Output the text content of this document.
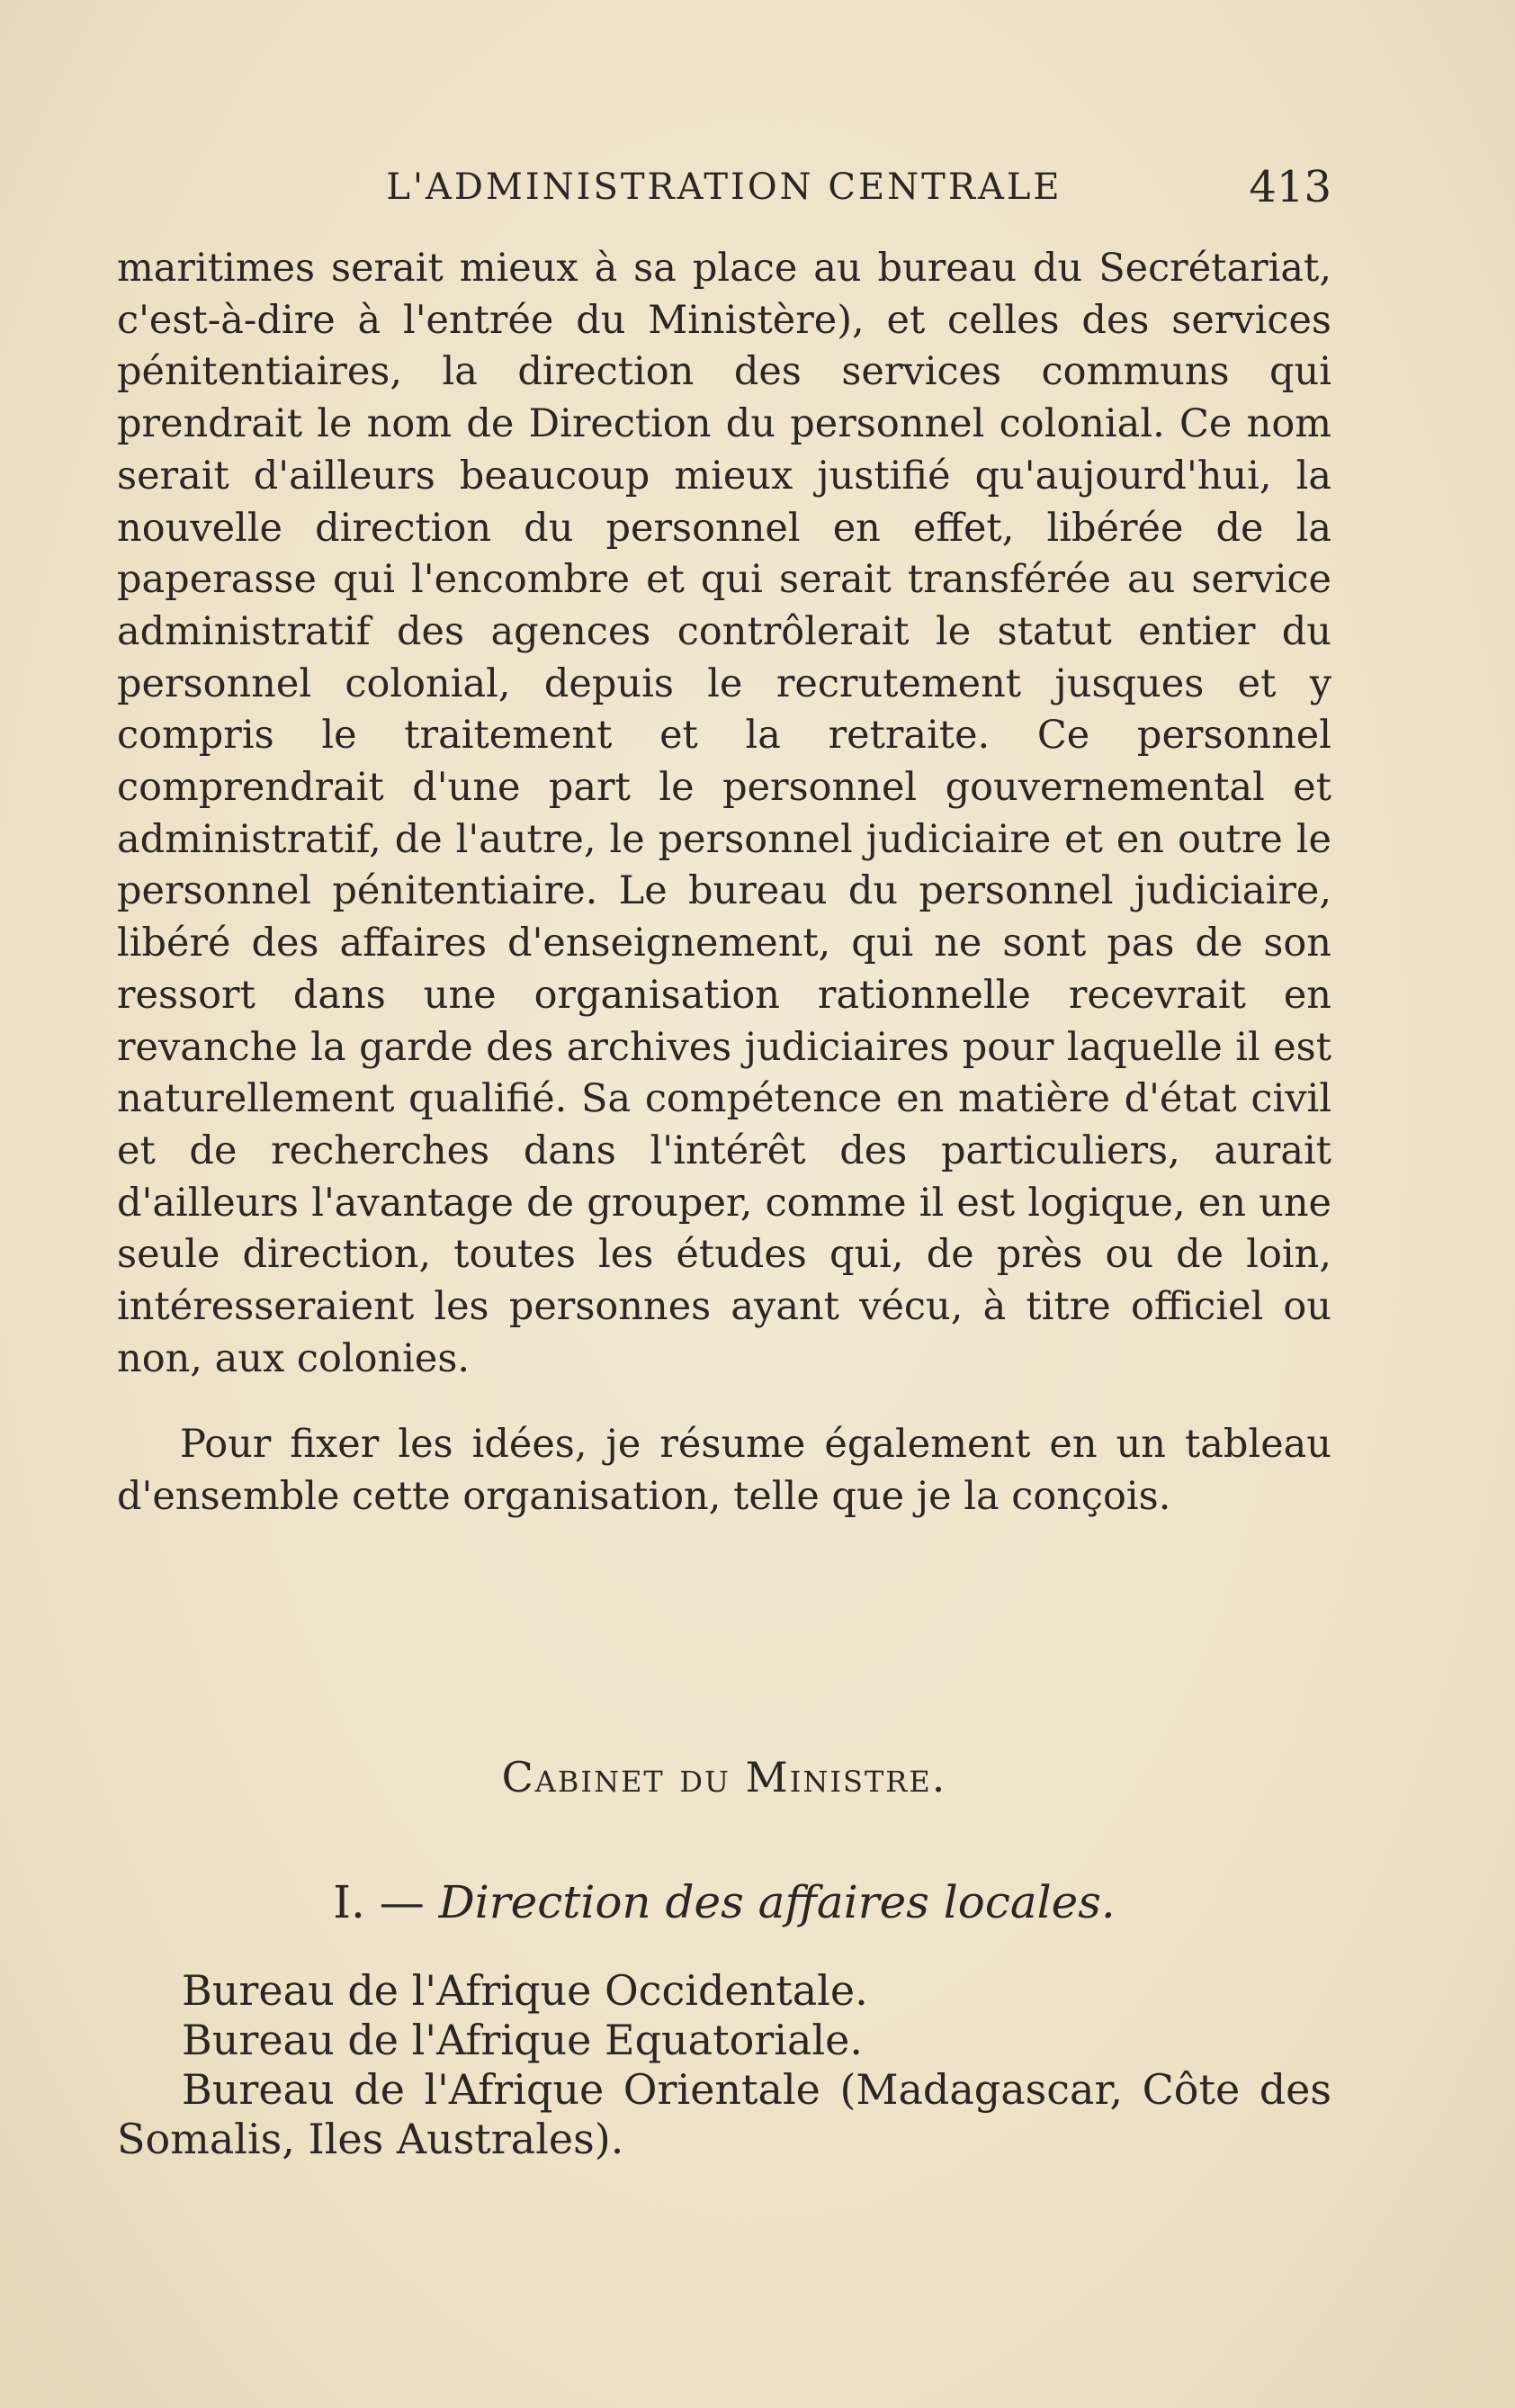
L'ADMINISTRATION CENTRALE	413

maritimes serait mieux à sa place au bureau du Secrétariat, c'est-à-dire à l'entrée du Ministère), et celles des services pénitentiaires, la direction des services communs qui prendrait le nom de Direction du personnel colonial. Ce nom serait d'ailleurs beaucoup mieux justifié qu'aujourd'hui, la nouvelle direction du personnel en effet, libérée de la paperasse qui l'encombre et qui serait transférée au service administratif des agences contrôlerait le statut entier du personnel colonial, depuis le recrutement jusques et y compris le traitement et la retraite. Ce personnel comprendrait d'une part le personnel gouvernemental et administratif, de l'autre, le personnel judiciaire et en outre le personnel pénitentiaire. Le bureau du personnel judiciaire, libéré des affaires d'enseignement, qui ne sont pas de son ressort dans une organisation rationnelle recevrait en revanche la garde des archives judiciaires pour laquelle il est naturellement qualifié. Sa compétence en matière d'état civil et de recherches dans l'intérêt des particuliers, aurait d'ailleurs l'avantage de grouper, comme il est logique, en une seule direction, toutes les études qui, de près ou de loin, intéresseraient les personnes ayant vécu, à titre officiel ou non, aux colonies.

Pour fixer les idées, je résume également en un tableau d'ensemble cette organisation, telle que je la conçois.

Cabinet du Ministre.
I. — Direction des affaires locales.
Bureau de l'Afrique Occidentale.
Bureau de l'Afrique Equatoriale.
Bureau de l'Afrique Orientale (Madagascar, Côte des Somalis, Iles Australes).
